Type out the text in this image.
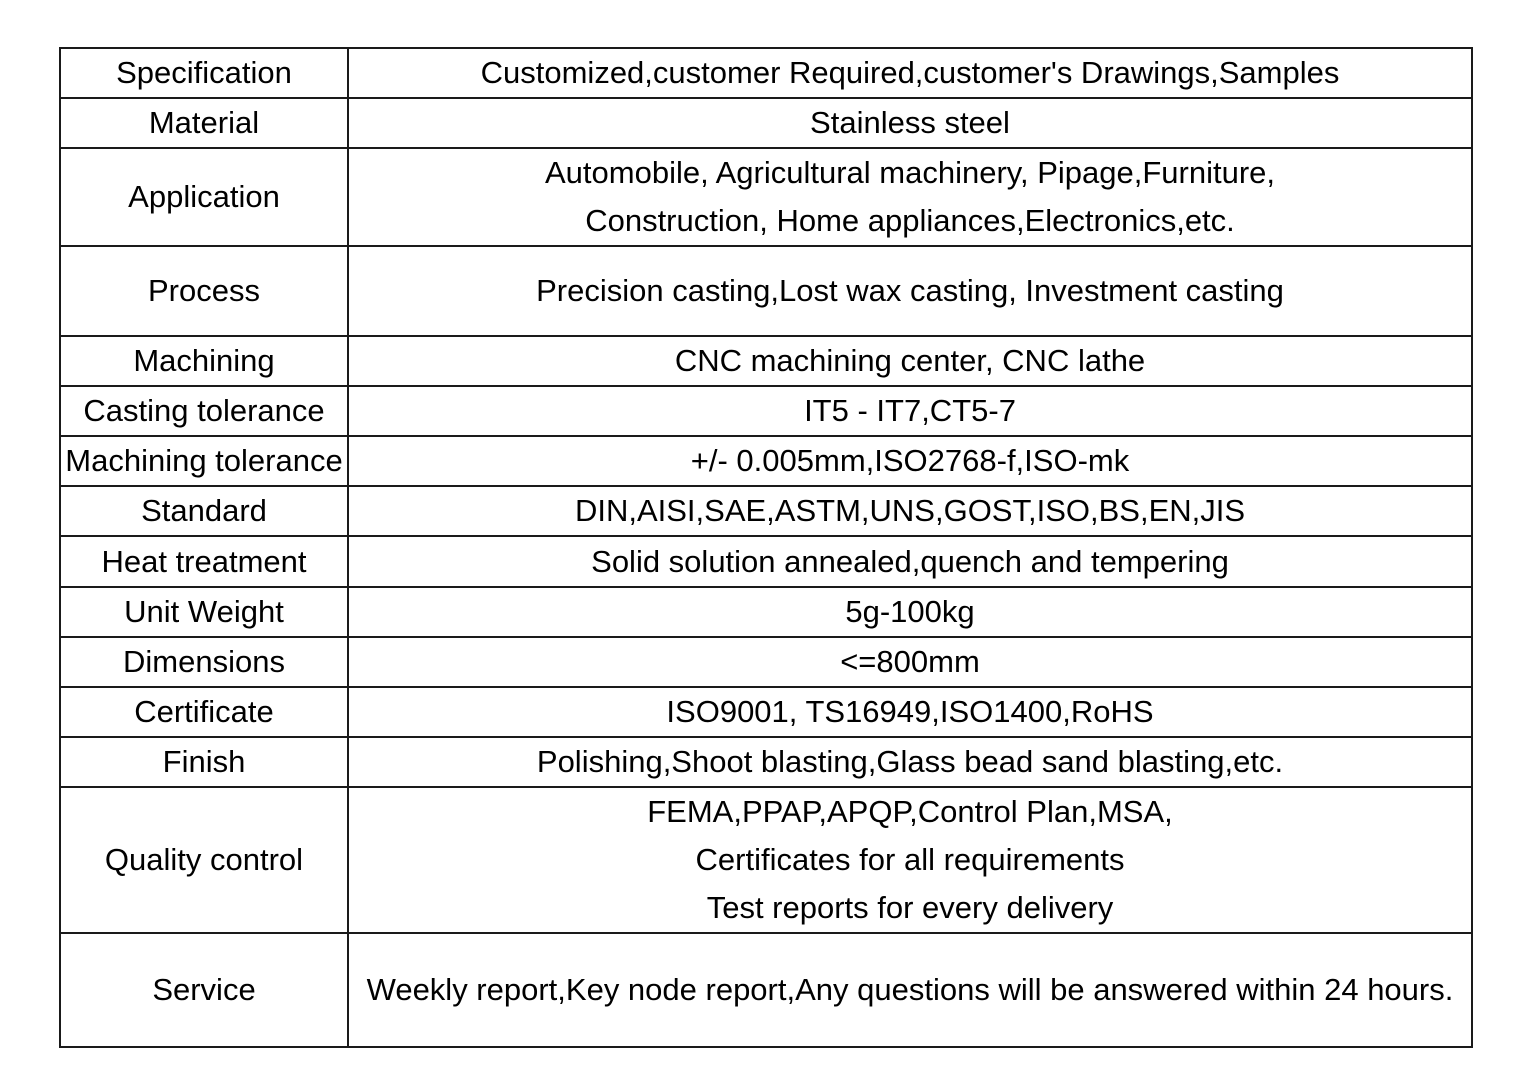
Specification	Customized,customer Required,customer's Drawings,Samples

Material	Stainless steel

Application	Automobile, Agricultural machinery, Pipage,Furniture,
Construction, Home appliances,Electronics,etc.

Process	Precision casting,Lost wax casting, Investment casting

Machining	CNC machining center, CNC lathe

Casting tolerance	IT5 - IT7,CT5-7

Machining tolerance	+/- 0.005mm,ISO2768-f,ISO-mk

Standard	DIN,AISI,SAE,ASTM,UNS,GOST,ISO,BS,EN,JIS

Heat treatment	Solid solution annealed,quench and tempering

Unit Weight	5g-100kg

Dimensions	<=800mm

Certificate	ISO9001, TS16949,ISO1400,RoHS

Finish	Polishing,Shoot blasting,Glass bead sand blasting,etc.

Quality control	FEMA,PPAP,APQP,Control Plan,MSA,
Certificates for all requirements
Test reports for every delivery

Service	Weekly report,Key node report,Any questions will be answered within 24 hours.
